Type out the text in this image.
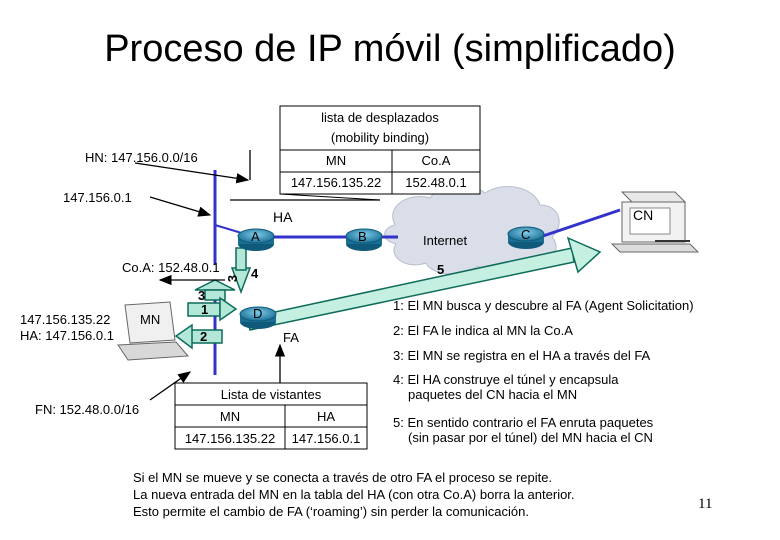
Proceso de IP móvil (simplificado)
lista de desplazados
(mobility binding)
MN	Co.A
147.156.135.22	152.48.0.1
Lista de vistantes
MN	HA
147.156.135.22	147.156.0.1
HN: 147.156.0.0/16
147.156.0.1
HA	CN
A	B	C
D
Internet
Co.A: 152.48.0.1
147.156.135.22
HA: 147.156.0.1
MN
FA
FN: 152.48.0.0/16
1
2
3
3 4	5
1: El MN busca y descubre al FA (Agent Solicitation)
2: El FA le indica al MN la Co.A
3: El MN se registra en el HA a través del FA
4: El HA construye el túnel y encapsula
paquetes del CN hacia el MN
5: En sentido contrario el FA enruta paquetes
(sin pasar por el túnel) del MN hacia el CN
Si el MN se mueve y se conecta a través de otro FA el proceso se repite.
La nueva entrada del MN en la tabla del HA (con otra Co.A) borra la anterior.
Esto permite el cambio de FA (‘roaming’) sin perder la comunicación.	11
